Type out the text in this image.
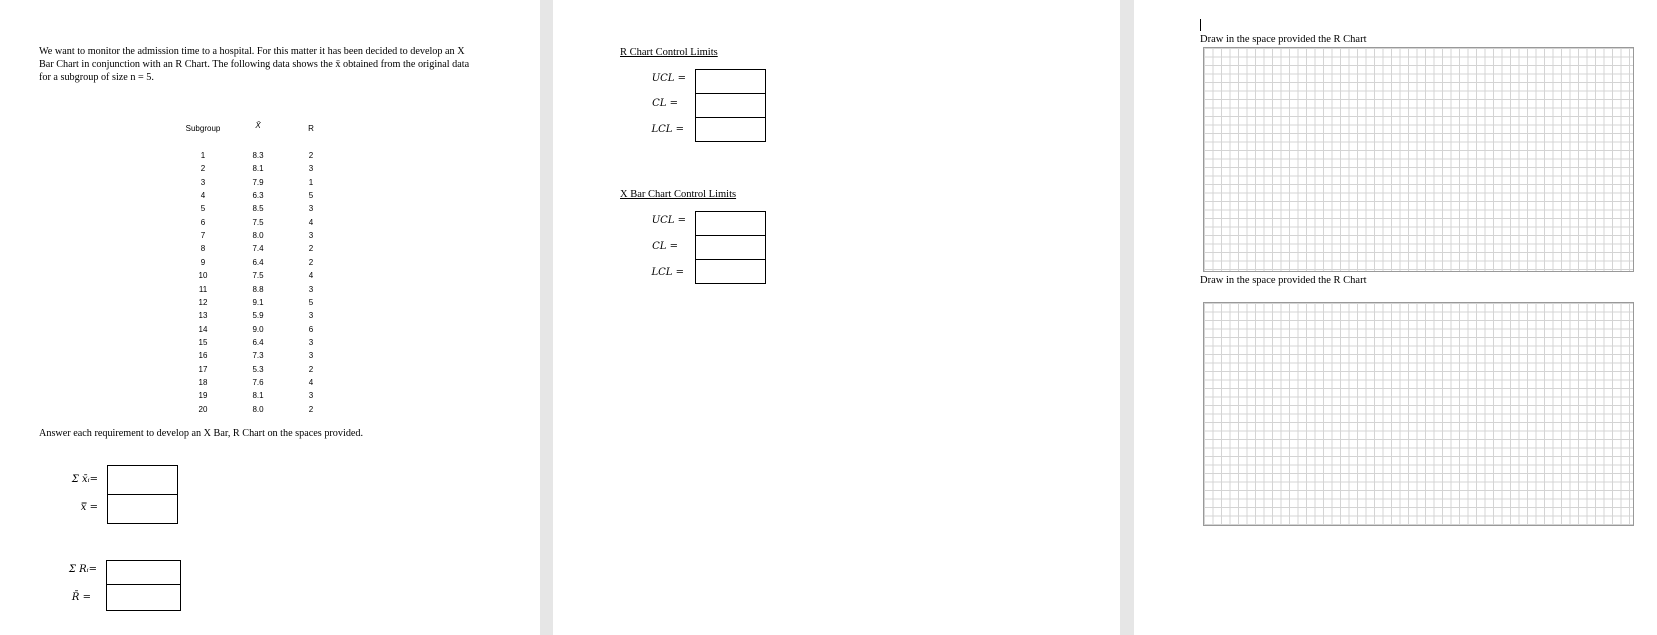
We want to monitor the admission time to a hospital. For this matter it has been decided to develop an X Bar Chart in conjunction with an R Chart. The following data shows the x̄ obtained from the original data for a subgroup of size n = 5.
Subgroup	X̄	R
1	8.3	2
2	8.1	3
3	7.9	1
4	6.3	5
5	8.5	3
6	7.5	4
7	8.0	3
8	7.4	2
9	6.4	2
10	7.5	4
11	8.8	3
12	9.1	5
13	5.9	3
14	9.0	6
15	6.4	3
16	7.3	3
17	5.3	2
18	7.6	4
19	8.1	3
20	8.0	2
Answer each requirement to develop an X Bar, R Chart on the spaces provided.
Σ x̄ᵢ=
x̿ =
Σ Rᵢ=
R̄ =
R Chart Control Limits
UCL =
CL =
LCL =
X Bar Chart Control Limits
UCL =
CL =
LCL =
Draw in the space provided the R Chart
Draw in the space provided the R Chart
